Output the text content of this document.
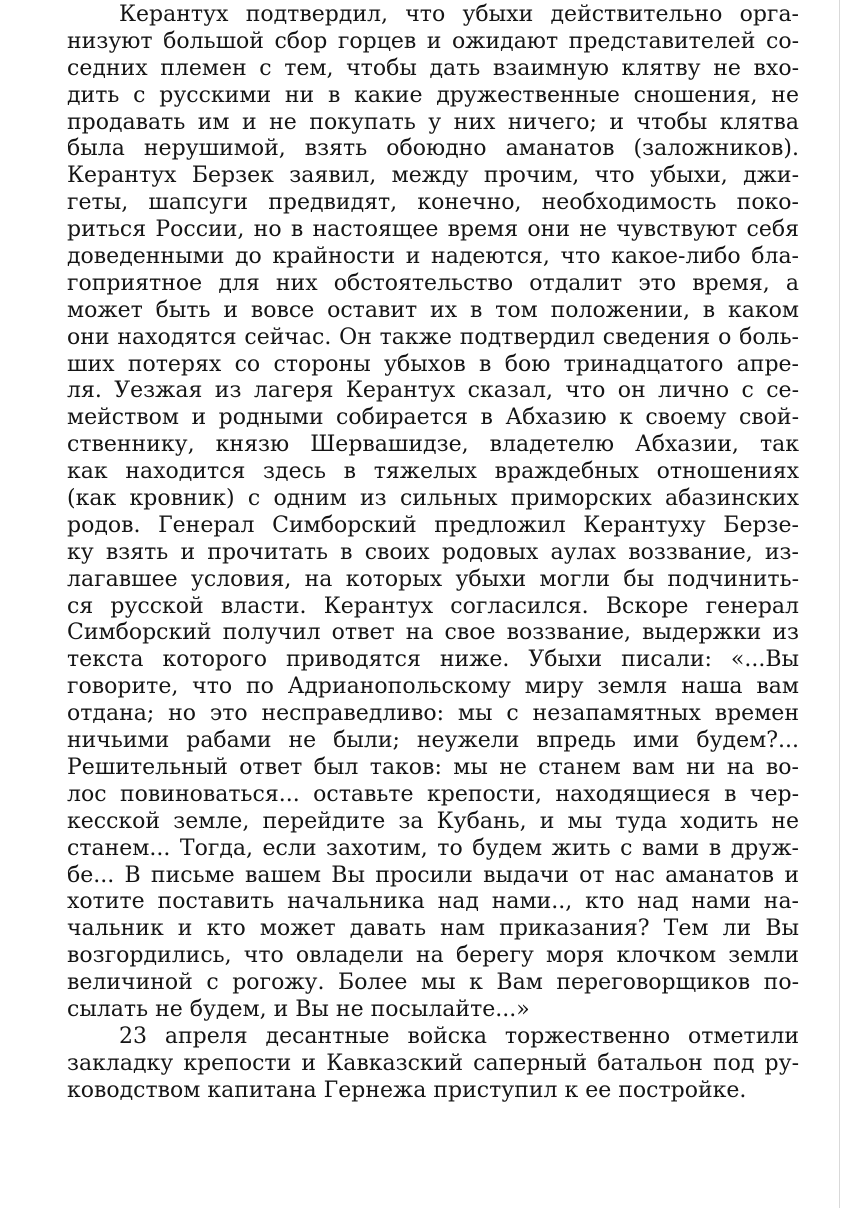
Керантух подтвердил, что убыхи действительно орга-
низуют большой сбор горцев и ожидают представителей со-
седних племен с тем, чтобы дать взаимную клятву не вхо-
дить с русскими ни в какие дружественные сношения, не
продавать им и не покупать у них ничего; и чтобы клятва
была нерушимой, взять обоюдно аманатов (заложников).
Керантух Берзек заявил, между прочим, что убыхи, джи-
геты, шапсуги предвидят, конечно, необходимость поко-
риться России, но в настоящее время они не чувствуют себя
доведенными до крайности и надеются, что какое-либо бла-
гоприятное для них обстоятельство отдалит это время, а
может быть и вовсе оставит их в том положении, в каком
они находятся сейчас. Он также подтвердил сведения о боль-
ших потерях со стороны убыхов в бою тринадцатого апре-
ля. Уезжая из лагеря Керантух сказал, что он лично с се-
мейством и родными собирается в Абхазию к своему свой-
ственнику, князю Шервашидзе, владетелю Абхазии, так
как находится здесь в тяжелых враждебных отношениях
(как кровник) с одним из сильных приморских абазинских
родов. Генерал Симборский предложил Керантуху Берзе-
ку взять и прочитать в своих родовых аулах воззвание, из-
лагавшее условия, на которых убыхи могли бы подчинить-
ся русской власти. Керантух согласился. Вскоре генерал
Симборский получил ответ на свое воззвание, выдержки из
текста которого приводятся ниже. Убыхи писали: «...Вы
говорите, что по Адрианопольскому миру земля наша вам
отдана; но это несправедливо: мы с незапамятных времен
ничьими рабами не были; неужели впредь ими будем?...
Решительный ответ был таков: мы не станем вам ни на во-
лос повиноваться... оставьте крепости, находящиеся в чер-
кесской земле, перейдите за Кубань, и мы туда ходить не
станем... Тогда, если захотим, то будем жить с вами в друж-
бе... В письме вашем Вы просили выдачи от нас аманатов и
хотите поставить начальника над нами.., кто над нами на-
чальник и кто может давать нам приказания? Тем ли Вы
возгордились, что овладели на берегу моря клочком земли
величиной с рогожу. Более мы к Вам переговорщиков по-
сылать не будем, и Вы не посылайте...»
23 апреля десантные войска торжественно отметили
закладку крепости и Кавказский саперный батальон под ру-
ководством капитана Гернежа приступил к ее постройке.
